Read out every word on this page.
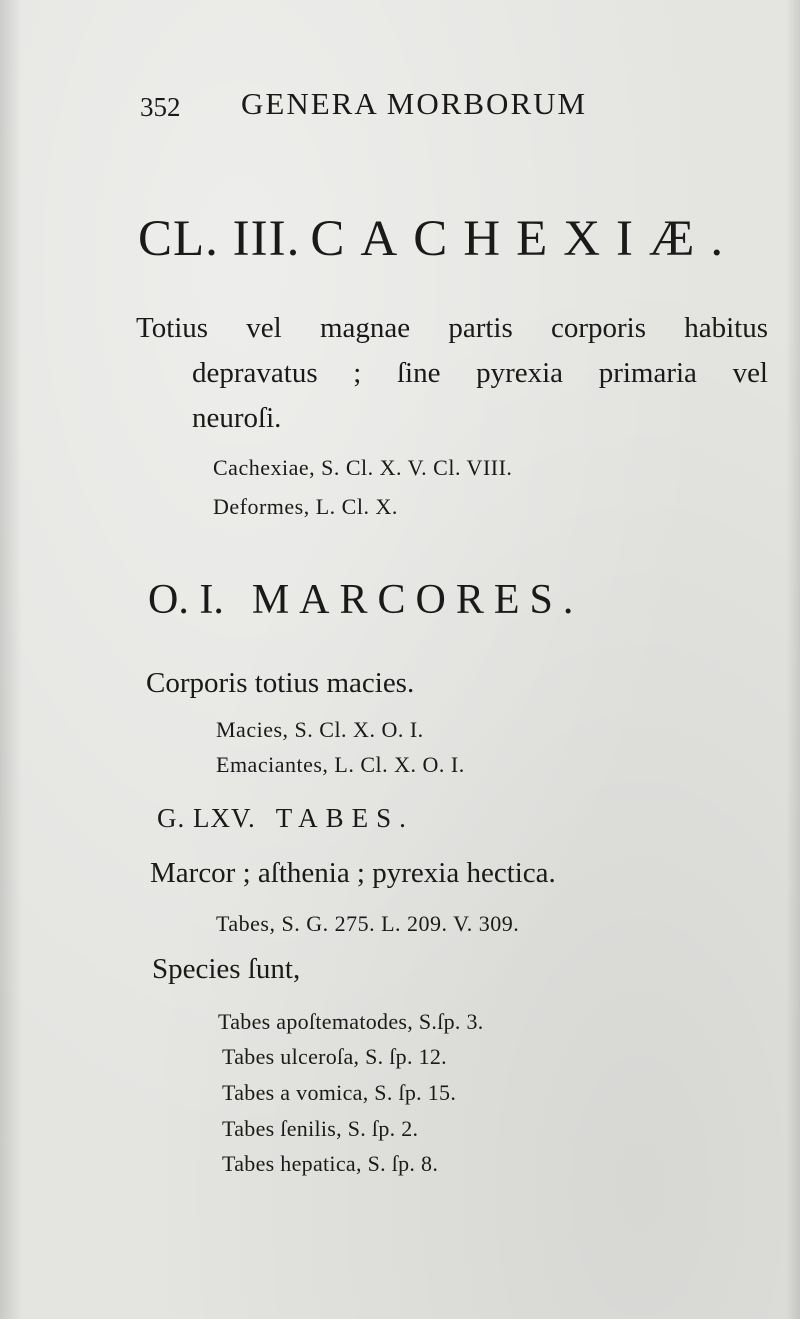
352 GENERA MORBORUM
CL. III. CACHEXIÆ.
Totius vel magnae partis corporis habitus
depravatus ; ſine pyrexia primaria vel
neuroſi.
Cachexiae, S. Cl. X. V. Cl. VIII.
Deformes, L. Cl. X.
O. I. MARCORES.
Corporis totius macies.
Macies, S. Cl. X. O. I.
Emaciantes, L. Cl. X. O. I.
G. LXV. TABES.
Marcor ; aſthenia ; pyrexia hectica.
Tabes, S. G. 275. L. 209. V. 309.
Species ſunt,
Tabes apoſtematodes, S.ſp. 3.
Tabes ulceroſa, S. ſp. 12.
Tabes a vomica, S. ſp. 15.
Tabes ſenilis, S. ſp. 2.
Tabes hepatica, S. ſp. 8.
